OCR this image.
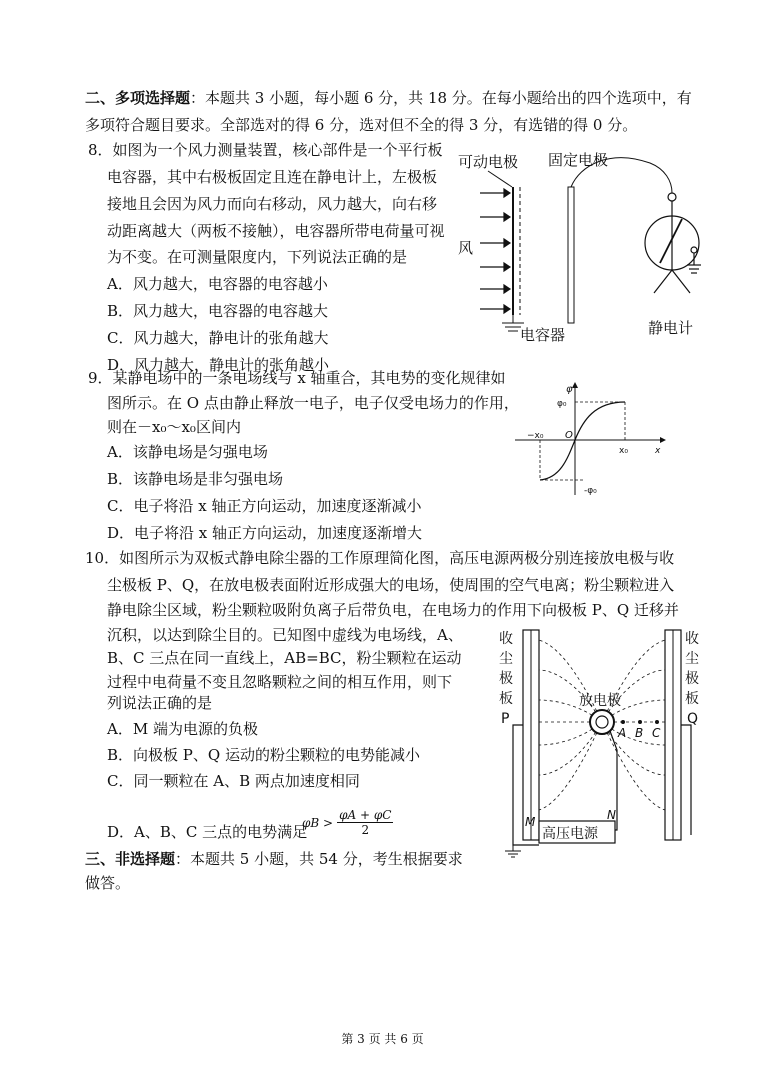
二、多项选择题：本题共 3 小题，每小题 6 分，共 18 分。在每小题给出的四个选项中，有
多项符合题目要求。全部选对的得 6 分，选对但不全的得 3 分，有选错的得 0 分。
8．如图为一个风力测量装置，核心部件是一个平行板
电容器，其中右极板固定且连在静电计上，左极板
接地且会因为风力而向右移动，风力越大，向右移
动距离越大（两板不接触），电容器所带电荷量可视
为不变。在可测量限度内，下列说法正确的是
A．风力越大，电容器的电容越小
B．风力越大，电容器的电容越大
C．风力越大，静电计的张角越大
D．风力越大，静电计的张角越小
可动电极 固定电极
风
电容器	静电计
9．某静电场中的一条电场线与 x 轴重合，其电势的变化规律如
图所示。在 O 点由静止释放一电子，电子仅受电场力的作用，
则在－x₀～x₀区间内
A．该静电场是匀强电场
B．该静电场是非匀强电场
C．电子将沿 x 轴正方向运动，加速度逐渐减小
D．电子将沿 x 轴正方向运动，加速度逐渐增大
φ
φ₀
-φ₀
−x₀ O
x₀	x
10．如图所示为双板式静电除尘器的工作原理简化图，高压电源两极分别连接放电极与收
尘极板 P、Q，在放电极表面附近形成强大的电场，使周围的空气电离；粉尘颗粒进入
静电除尘区域，粉尘颗粒吸附负离子后带负电，在电场力的作用下向极板 P、Q 迁移并
沉积，以达到除尘目的。已知图中虚线为电场线，A、
B、C 三点在同一直线上，AB=BC，粉尘颗粒在运动
过程中电荷量不变且忽略颗粒之间的相互作用，则下
列说法正确的是
A．M 端为电源的负极
B．向极板 P、Q 运动的粉尘颗粒的电势能减小
C．同一颗粒在 A、B 两点加速度相同
D．A、B、C 三点的电势满足
$\varphi B > \frac{\varphi A + \varphi C}{2}$
收
尘
极
板
P
收
尘
极
板
Q
放电极
A B C
高压电源
M	N
三、非选择题：本题共 5 小题，共 54 分，考生根据要求
做答。
第 3 页 共 6 页
